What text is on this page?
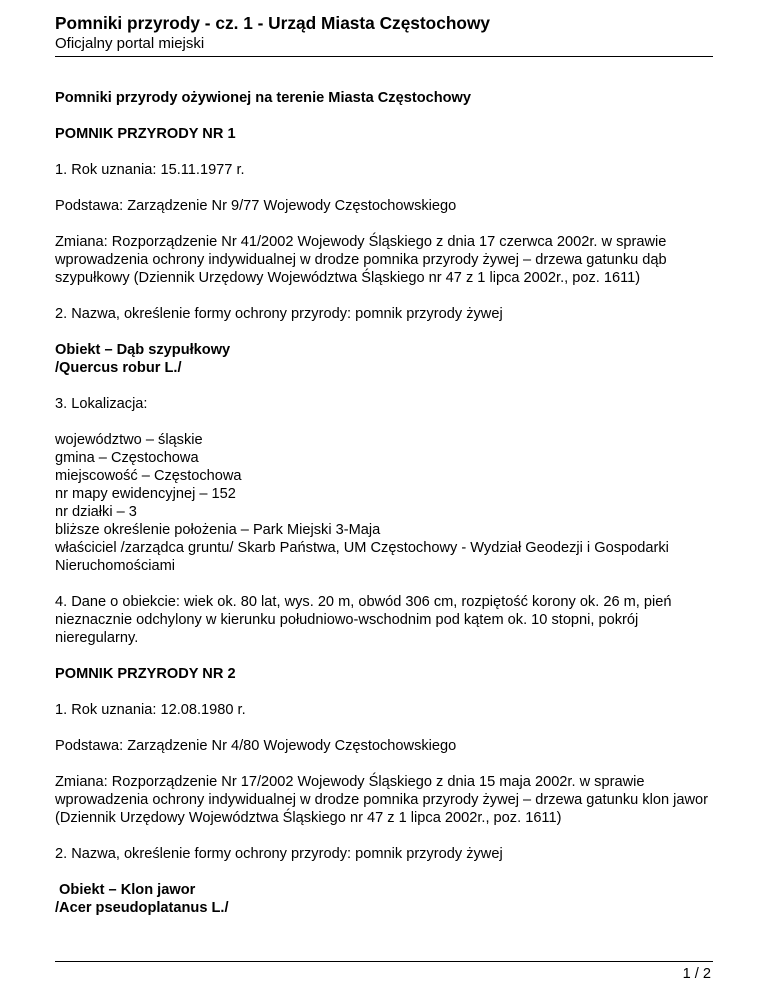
Pomniki przyrody - cz. 1 - Urząd Miasta Częstochowy
Oficjalny portal miejski

Pomniki przyrody ożywionej na terenie Miasta Częstochowy

POMNIK PRZYRODY NR 1

1. Rok uznania: 15.11.1977 r.

Podstawa: Zarządzenie Nr 9/77 Wojewody Częstochowskiego

Zmiana: Rozporządzenie Nr 41/2002 Wojewody Śląskiego z dnia 17 czerwca 2002r. w sprawie wprowadzenia ochrony indywidualnej w drodze pomnika przyrody żywej – drzewa gatunku dąb szypułkowy (Dziennik Urzędowy Województwa Śląskiego nr 47 z 1 lipca 2002r., poz. 1611)

2. Nazwa, określenie formy ochrony przyrody: pomnik przyrody żywej

Obiekt – Dąb szypułkowy
/Quercus robur L./

3. Lokalizacja:

województwo – śląskie
gmina – Częstochowa
miejscowość – Częstochowa
nr mapy ewidencyjnej – 152
nr działki – 3
bliższe określenie położenia – Park Miejski 3-Maja
właściciel /zarządca gruntu/ Skarb Państwa, UM Częstochowy - Wydział Geodezji i Gospodarki Nieruchomościami

4. Dane o obiekcie: wiek ok. 80 lat, wys. 20 m, obwód 306 cm, rozpiętość korony ok. 26 m, pień nieznacznie odchylony w kierunku południowo-wschodnim pod kątem ok. 10 stopni, pokrój nieregularny.

POMNIK PRZYRODY NR 2

1. Rok uznania: 12.08.1980 r.

Podstawa: Zarządzenie Nr 4/80 Wojewody Częstochowskiego

Zmiana: Rozporządzenie Nr 17/2002 Wojewody Śląskiego z dnia 15 maja 2002r. w sprawie wprowadzenia ochrony indywidualnej w drodze pomnika przyrody żywej – drzewa gatunku klon jawor (Dziennik Urzędowy Województwa Śląskiego nr 47 z 1 lipca 2002r., poz. 1611)

2. Nazwa, określenie formy ochrony przyrody: pomnik przyrody żywej

Obiekt – Klon jawor
/Acer pseudoplatanus L./

1 / 2
